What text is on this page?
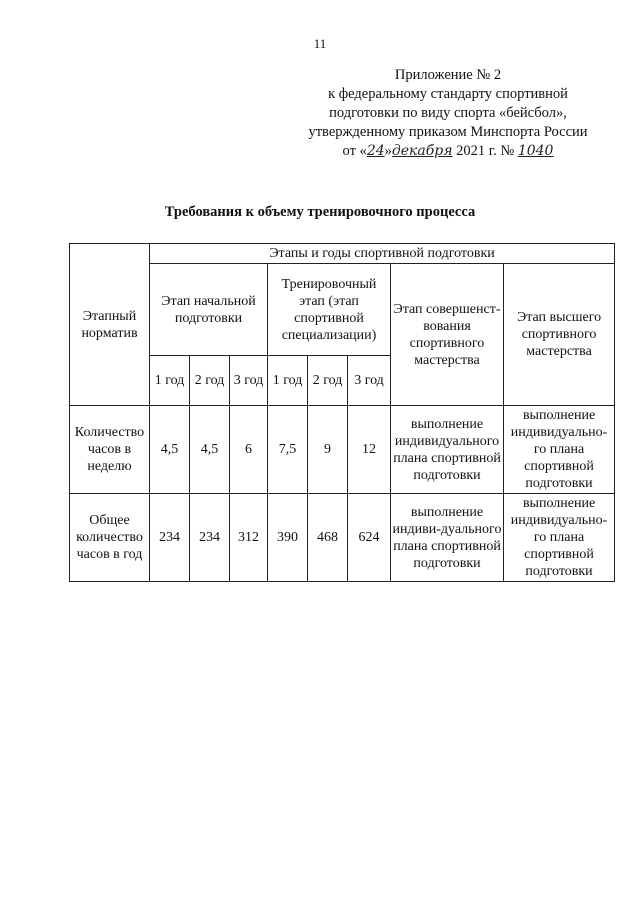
11
Приложение № 2
к федеральному стандарту спортивной
подготовки по виду спорта «бейсбол»,
утвержденному приказом Минспорта России
от «24»декабря 2021 г. № 1040
Требования к объему тренировочного процесса
Этапный норматив	Этапы и годы спортивной подготовки							
	Этап начальной подготовки			Тренировочный этап (этап спортивной специализации)			Этап совершенст-вования спортивного мастерства	Этап высшего спортивного мастерства
	1 год	2 год	3 год	1 год	2 год	3 год		
Количество часов в неделю	4,5	4,5	6	7,5	9	12	выполнение индивидуального плана спортивной подготовки	выполнение индивидуально-го плана спортивной подготовки
Общее количество часов в год	234	234	312	390	468	624	выполнение индиви-дуального плана спортивной подготовки	выполнение индивидуально-го плана спортивной подготовки
